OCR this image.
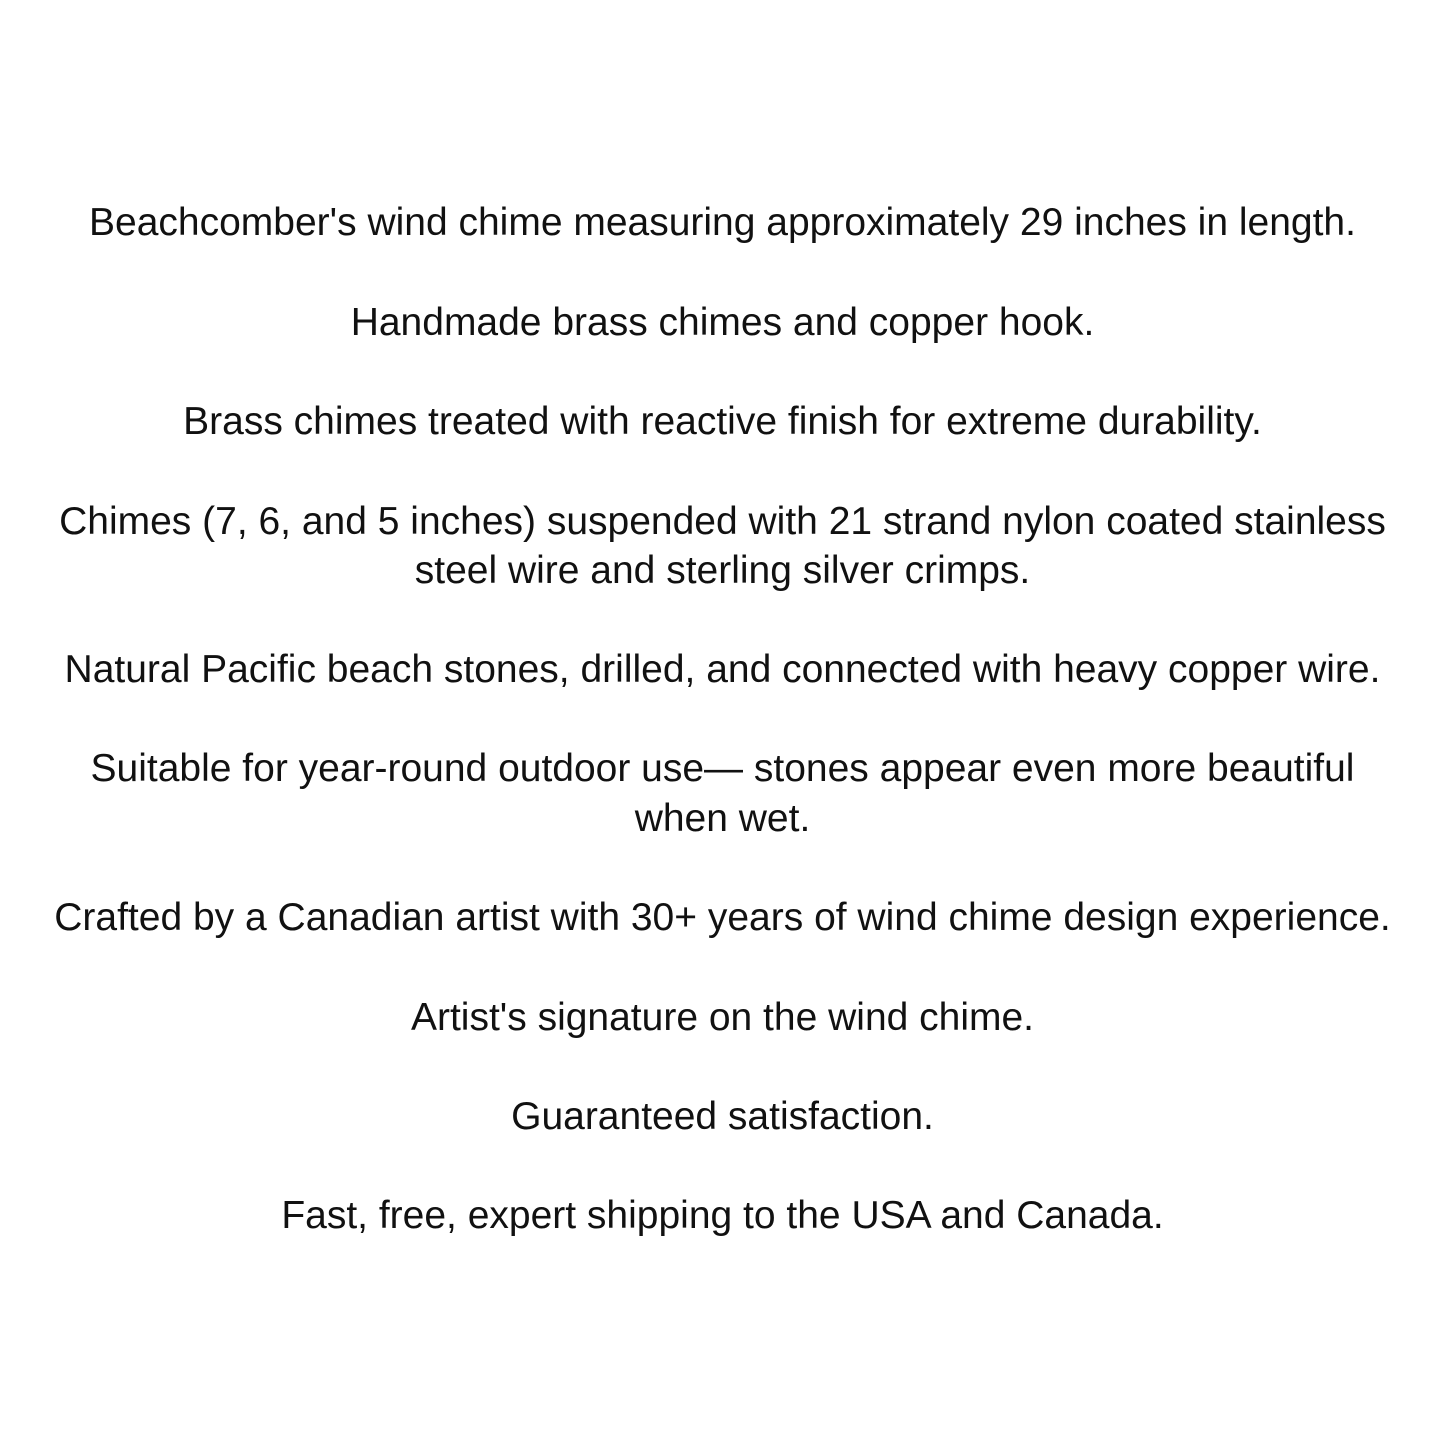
Beachcomber's wind chime measuring approximately 29 inches in length.

Handmade brass chimes and copper hook.

Brass chimes treated with reactive finish for extreme durability.

Chimes (7, 6, and 5 inches) suspended with 21 strand nylon coated stainless

steel wire and sterling silver crimps.

Natural Pacific beach stones, drilled, and connected with heavy copper wire.

Suitable for year-round outdoor use— stones appear even more beautiful

when wet.

Crafted by a Canadian artist with 30+ years of wind chime design experience.

Artist's signature on the wind chime.

Guaranteed satisfaction.

Fast, free, expert shipping to the USA and Canada.
